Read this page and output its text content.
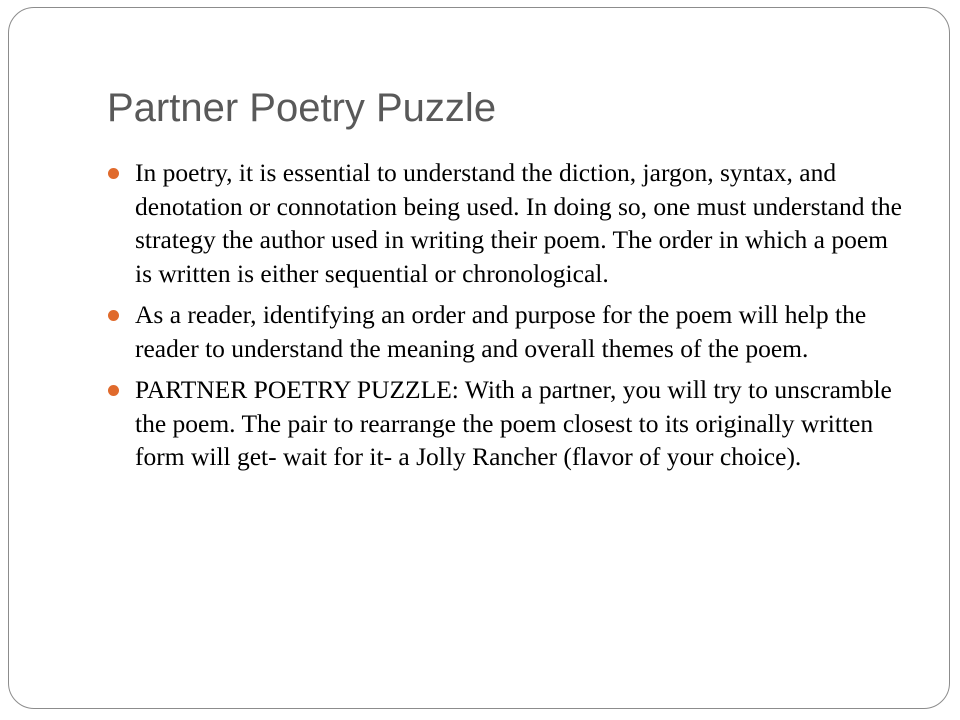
Partner Poetry Puzzle
In poetry, it is essential to understand the diction, jargon, syntax, and denotation or connotation being used. In doing so, one must understand the strategy the author used in writing their poem. The order in which a poem is written is either sequential or chronological.
As a reader, identifying an order and purpose for the poem will help the reader to understand the meaning and overall themes of the poem.
PARTNER POETRY PUZZLE: With a partner, you will try to unscramble the poem. The pair to rearrange the poem closest to its originally written form will get- wait for it- a Jolly Rancher (flavor of your choice).
